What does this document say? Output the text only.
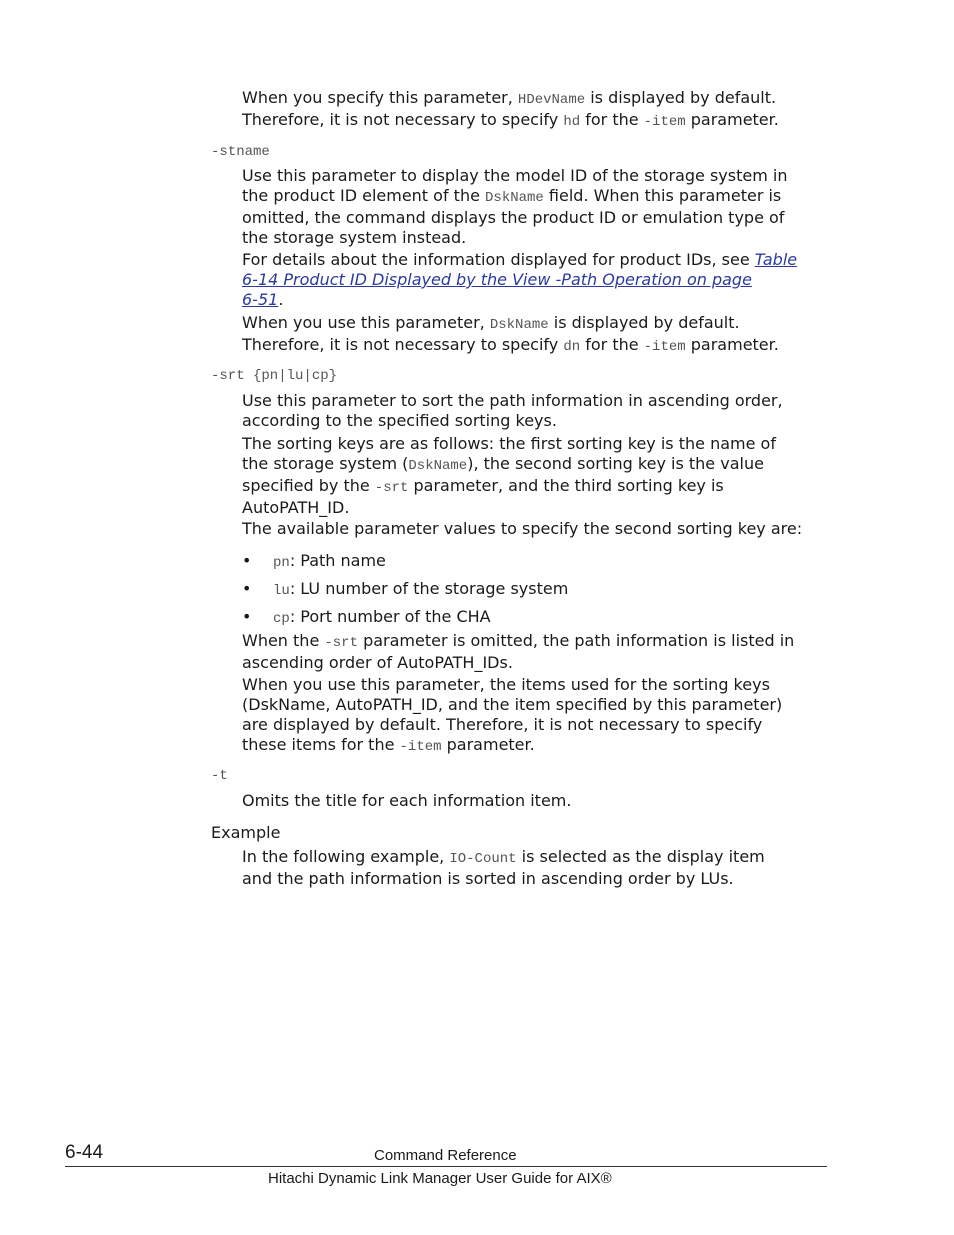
When you specify this parameter, HDevName is displayed by default.
Therefore, it is not necessary to specify hd for the -item parameter.
-stname
Use this parameter to display the model ID of the storage system in
the product ID element of the DskName field. When this parameter is
omitted, the command displays the product ID or emulation type of
the storage system instead.
For details about the information displayed for product IDs, see Table
6-14 Product ID Displayed by the View -Path Operation on page
6-51.
When you use this parameter, DskName is displayed by default.
Therefore, it is not necessary to specify dn for the -item parameter.
-srt {pn|lu|cp}
Use this parameter to sort the path information in ascending order,
according to the specified sorting keys.
The sorting keys are as follows: the first sorting key is the name of
the storage system (DskName), the second sorting key is the value
specified by the -srt parameter, and the third sorting key is
AutoPATH_ID.
The available parameter values to specify the second sorting key are:
• pn: Path name
• lu: LU number of the storage system
• cp: Port number of the CHA
When the -srt parameter is omitted, the path information is listed in
ascending order of AutoPATH_IDs.
When you use this parameter, the items used for the sorting keys
(DskName, AutoPATH_ID, and the item specified by this parameter)
are displayed by default. Therefore, it is not necessary to specify
these items for the -item parameter.
-t
Omits the title for each information item.
Example
In the following example, IO-Count is selected as the display item
and the path information is sorted in ascending order by LUs.
6-44	Command Reference
Hitachi Dynamic Link Manager User Guide for AIX®
